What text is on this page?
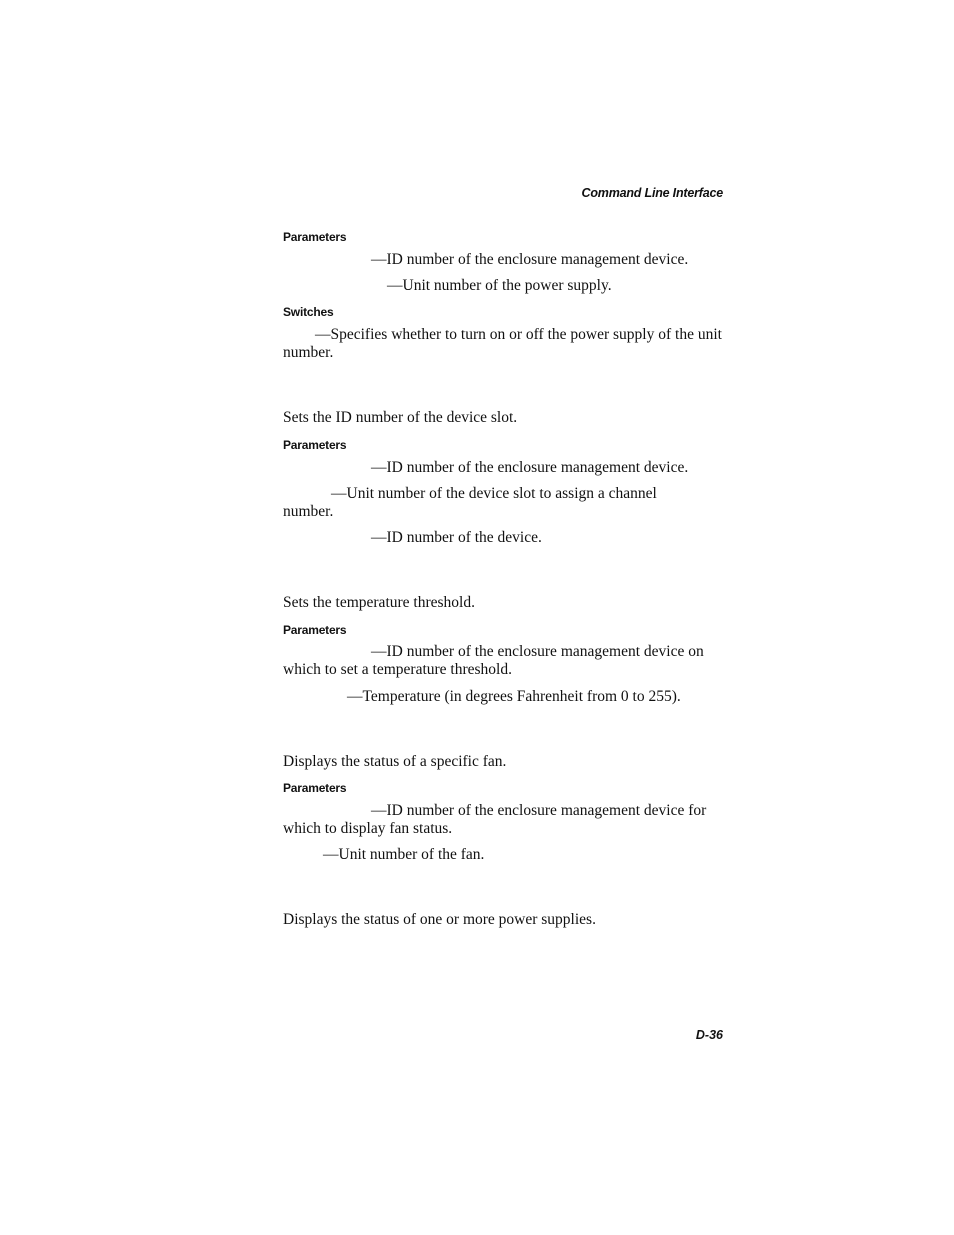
Command Line Interface
Parameters
—ID number of the enclosure management device.
—Unit number of the power supply.
Switches
—Specifies whether to turn on or off the power supply of the unit number.
Sets the ID number of the device slot.
Parameters
—ID number of the enclosure management device.
—Unit number of the device slot to assign a channel number.
—ID number of the device.
Sets the temperature threshold.
Parameters
—ID number of the enclosure management device on which to set a temperature threshold.
—Temperature (in degrees Fahrenheit from 0 to 255).
Displays the status of a specific fan.
Parameters
—ID number of the enclosure management device for which to display fan status.
—Unit number of the fan.
Displays the status of one or more power supplies.
D-36
